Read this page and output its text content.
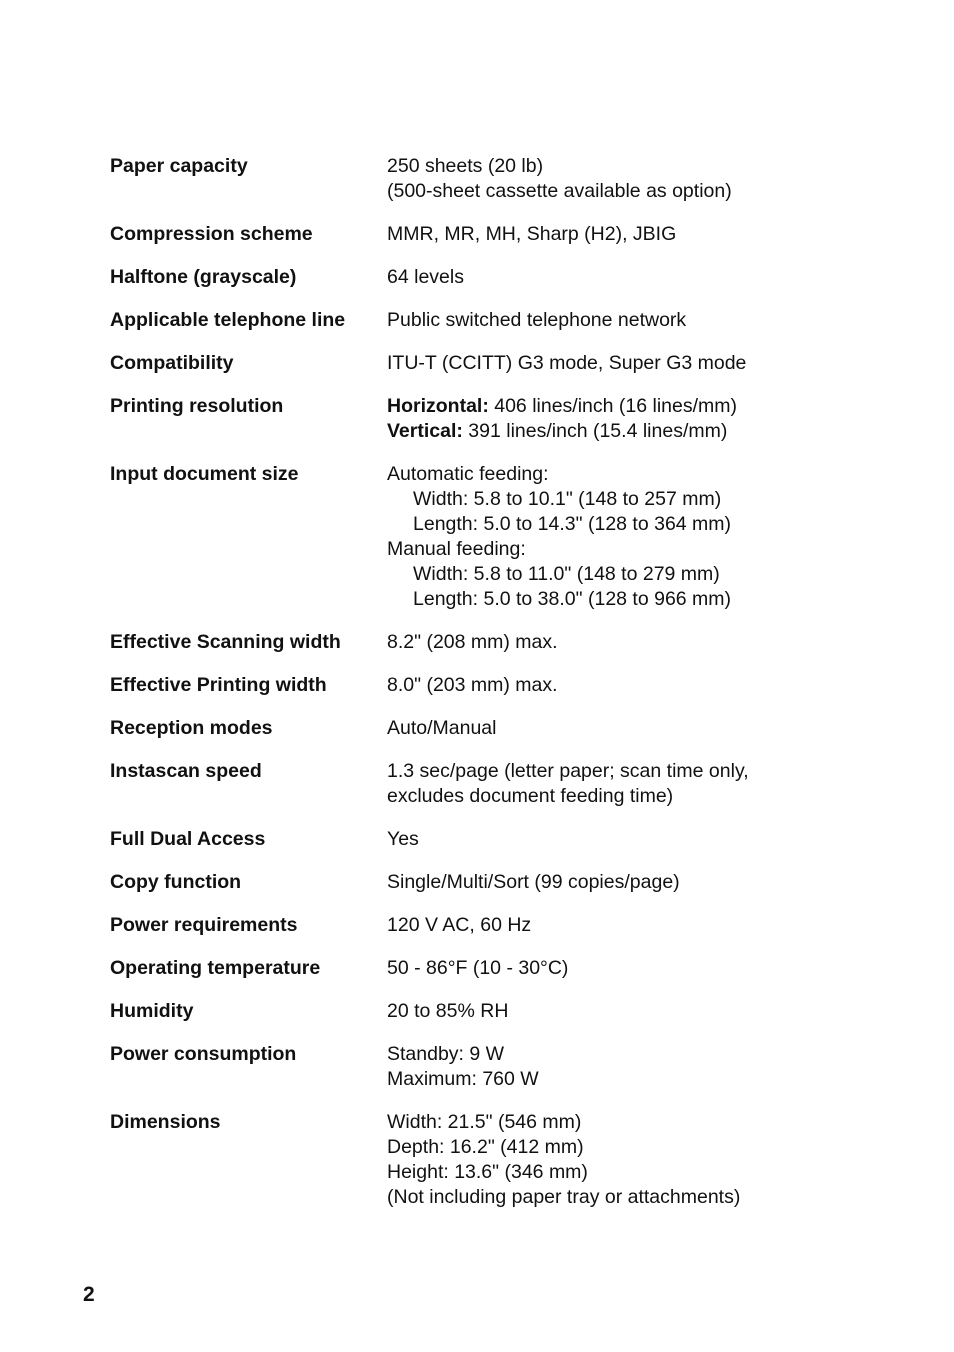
Paper capacity	250 sheets (20 lb)
(500-sheet cassette available as option)
Compression scheme	MMR, MR, MH, Sharp (H2), JBIG
Halftone (grayscale)	64 levels
Applicable telephone line	Public switched telephone network
Compatibility	ITU-T (CCITT) G3 mode, Super G3 mode
Printing resolution	Horizontal: 406 lines/inch (16 lines/mm)
Vertical: 391 lines/inch (15.4 lines/mm)
Input document size	Automatic feeding:
Width: 5.8 to 10.1" (148 to 257 mm)
Length: 5.0 to 14.3" (128 to 364 mm)
Manual feeding:
Width: 5.8 to 11.0" (148 to 279 mm)
Length: 5.0 to 38.0" (128 to 966 mm)
Effective Scanning width	8.2" (208 mm) max.
Effective Printing width	8.0" (203 mm) max.
Reception modes	Auto/Manual
Instascan speed	1.3 sec/page (letter paper; scan time only,
excludes document feeding time)
Full Dual Access	Yes
Copy function	Single/Multi/Sort (99 copies/page)
Power requirements	120 V AC, 60 Hz
Operating temperature	50 - 86°F (10 - 30°C)
Humidity	20 to 85% RH
Power consumption	Standby: 9 W
Maximum: 760 W
Dimensions	Width: 21.5" (546 mm)
Depth: 16.2" (412 mm)
Height: 13.6" (346 mm)
(Not including paper tray or attachments)
2
